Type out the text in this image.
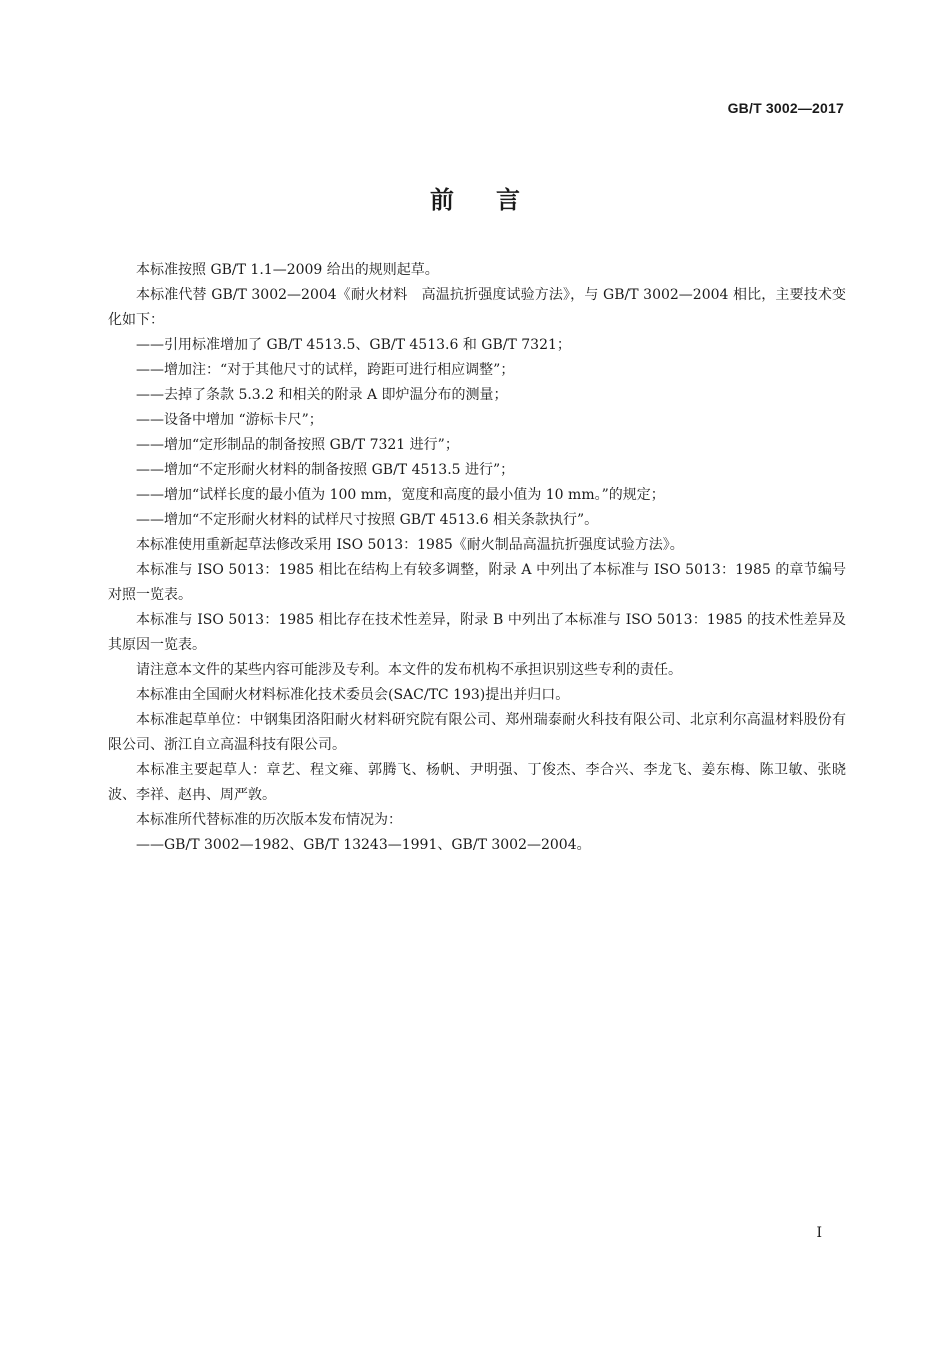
GB/T 3002—2017
前言

本标准按照 GB/T 1.1—2009 给出的规则起草。

本标准代替 GB/T 3002—2004《耐火材料　高温抗折强度试验方法》，与 GB/T 3002—2004 相比，主要技术变化如下：

——引用标准增加了 GB/T 4513.5、GB/T 4513.6 和 GB/T 7321；

——增加注：“对于其他尺寸的试样，跨距可进行相应调整”；

——去掉了条款 5.3.2 和相关的附录 A 即炉温分布的测量；

——设备中增加 “游标卡尺”；

——增加“定形制品的制备按照 GB/T 7321 进行”；

——增加“不定形耐火材料的制备按照 GB/T 4513.5 进行”；

——增加“试样长度的最小值为 100 mm，宽度和高度的最小值为 10 mm。”的规定；

——增加“不定形耐火材料的试样尺寸按照 GB/T 4513.6 相关条款执行”。

本标准使用重新起草法修改采用 ISO 5013：1985《耐火制品高温抗折强度试验方法》。

本标准与 ISO 5013：1985 相比在结构上有较多调整，附录 A 中列出了本标准与 ISO 5013：1985 的章节编号对照一览表。

本标准与 ISO 5013：1985 相比存在技术性差异，附录 B 中列出了本标准与 ISO 5013：1985 的技术性差异及其原因一览表。

请注意本文件的某些内容可能涉及专利。本文件的发布机构不承担识别这些专利的责任。

本标准由全国耐火材料标准化技术委员会(SAC/TC 193)提出并归口。

本标准起草单位：中钢集团洛阳耐火材料研究院有限公司、郑州瑞泰耐火科技有限公司、北京利尔高温材料股份有限公司、浙江自立高温科技有限公司。

本标准主要起草人：章艺、程文雍、郭腾飞、杨帆、尹明强、丁俊杰、李合兴、李龙飞、姜东梅、陈卫敏、张晓波、李祥、赵冉、周严敦。

本标准所代替标准的历次版本发布情况为：

——GB/T 3002—1982、GB/T 13243—1991、GB/T 3002—2004。

I
